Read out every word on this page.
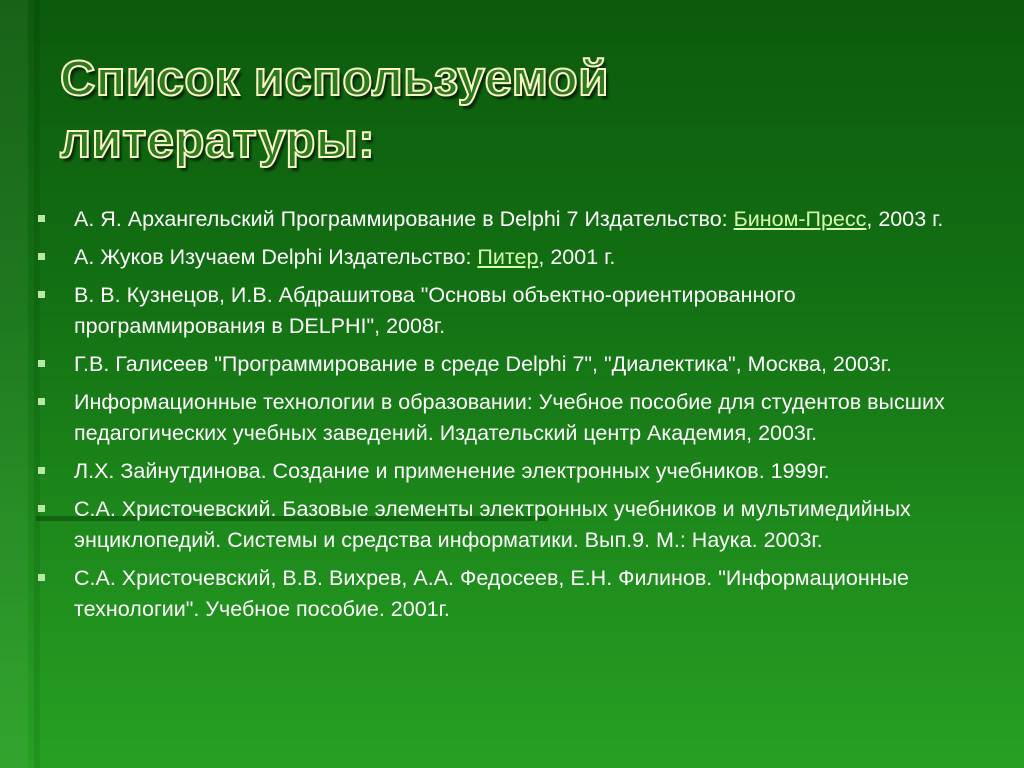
Список используемой
литературы:
А. Я. Архангельский Программирование в Delphi 7 Издательство: Бином-Пресс, 2003 г.
А. Жуков Изучаем Delphi Издательство: Питер, 2001 г.
В. В. Кузнецов, И.В. Абдрашитова "Основы объектно-ориентированного программирования в DELPHI", 2008г.
Г.В. Галисеев "Программирование в среде Delphi 7", "Диалектика", Москва, 2003г.
Информационные технологии в образовании: Учебное пособие для студентов высших педагогических учебных заведений. Издательский центр Академия, 2003г.
Л.Х. Зайнутдинова. Создание и применение электронных учебников. 1999г.
С.А. Христочевский. Базовые элементы электронных учебников и мультимедийных энциклопедий. Системы и средства информатики. Вып.9. М.: Наука. 2003г.
С.А. Христочевский, В.В. Вихрев, А.А. Федосеев, Е.Н. Филинов. "Информационные технологии". Учебное пособие. 2001г.
